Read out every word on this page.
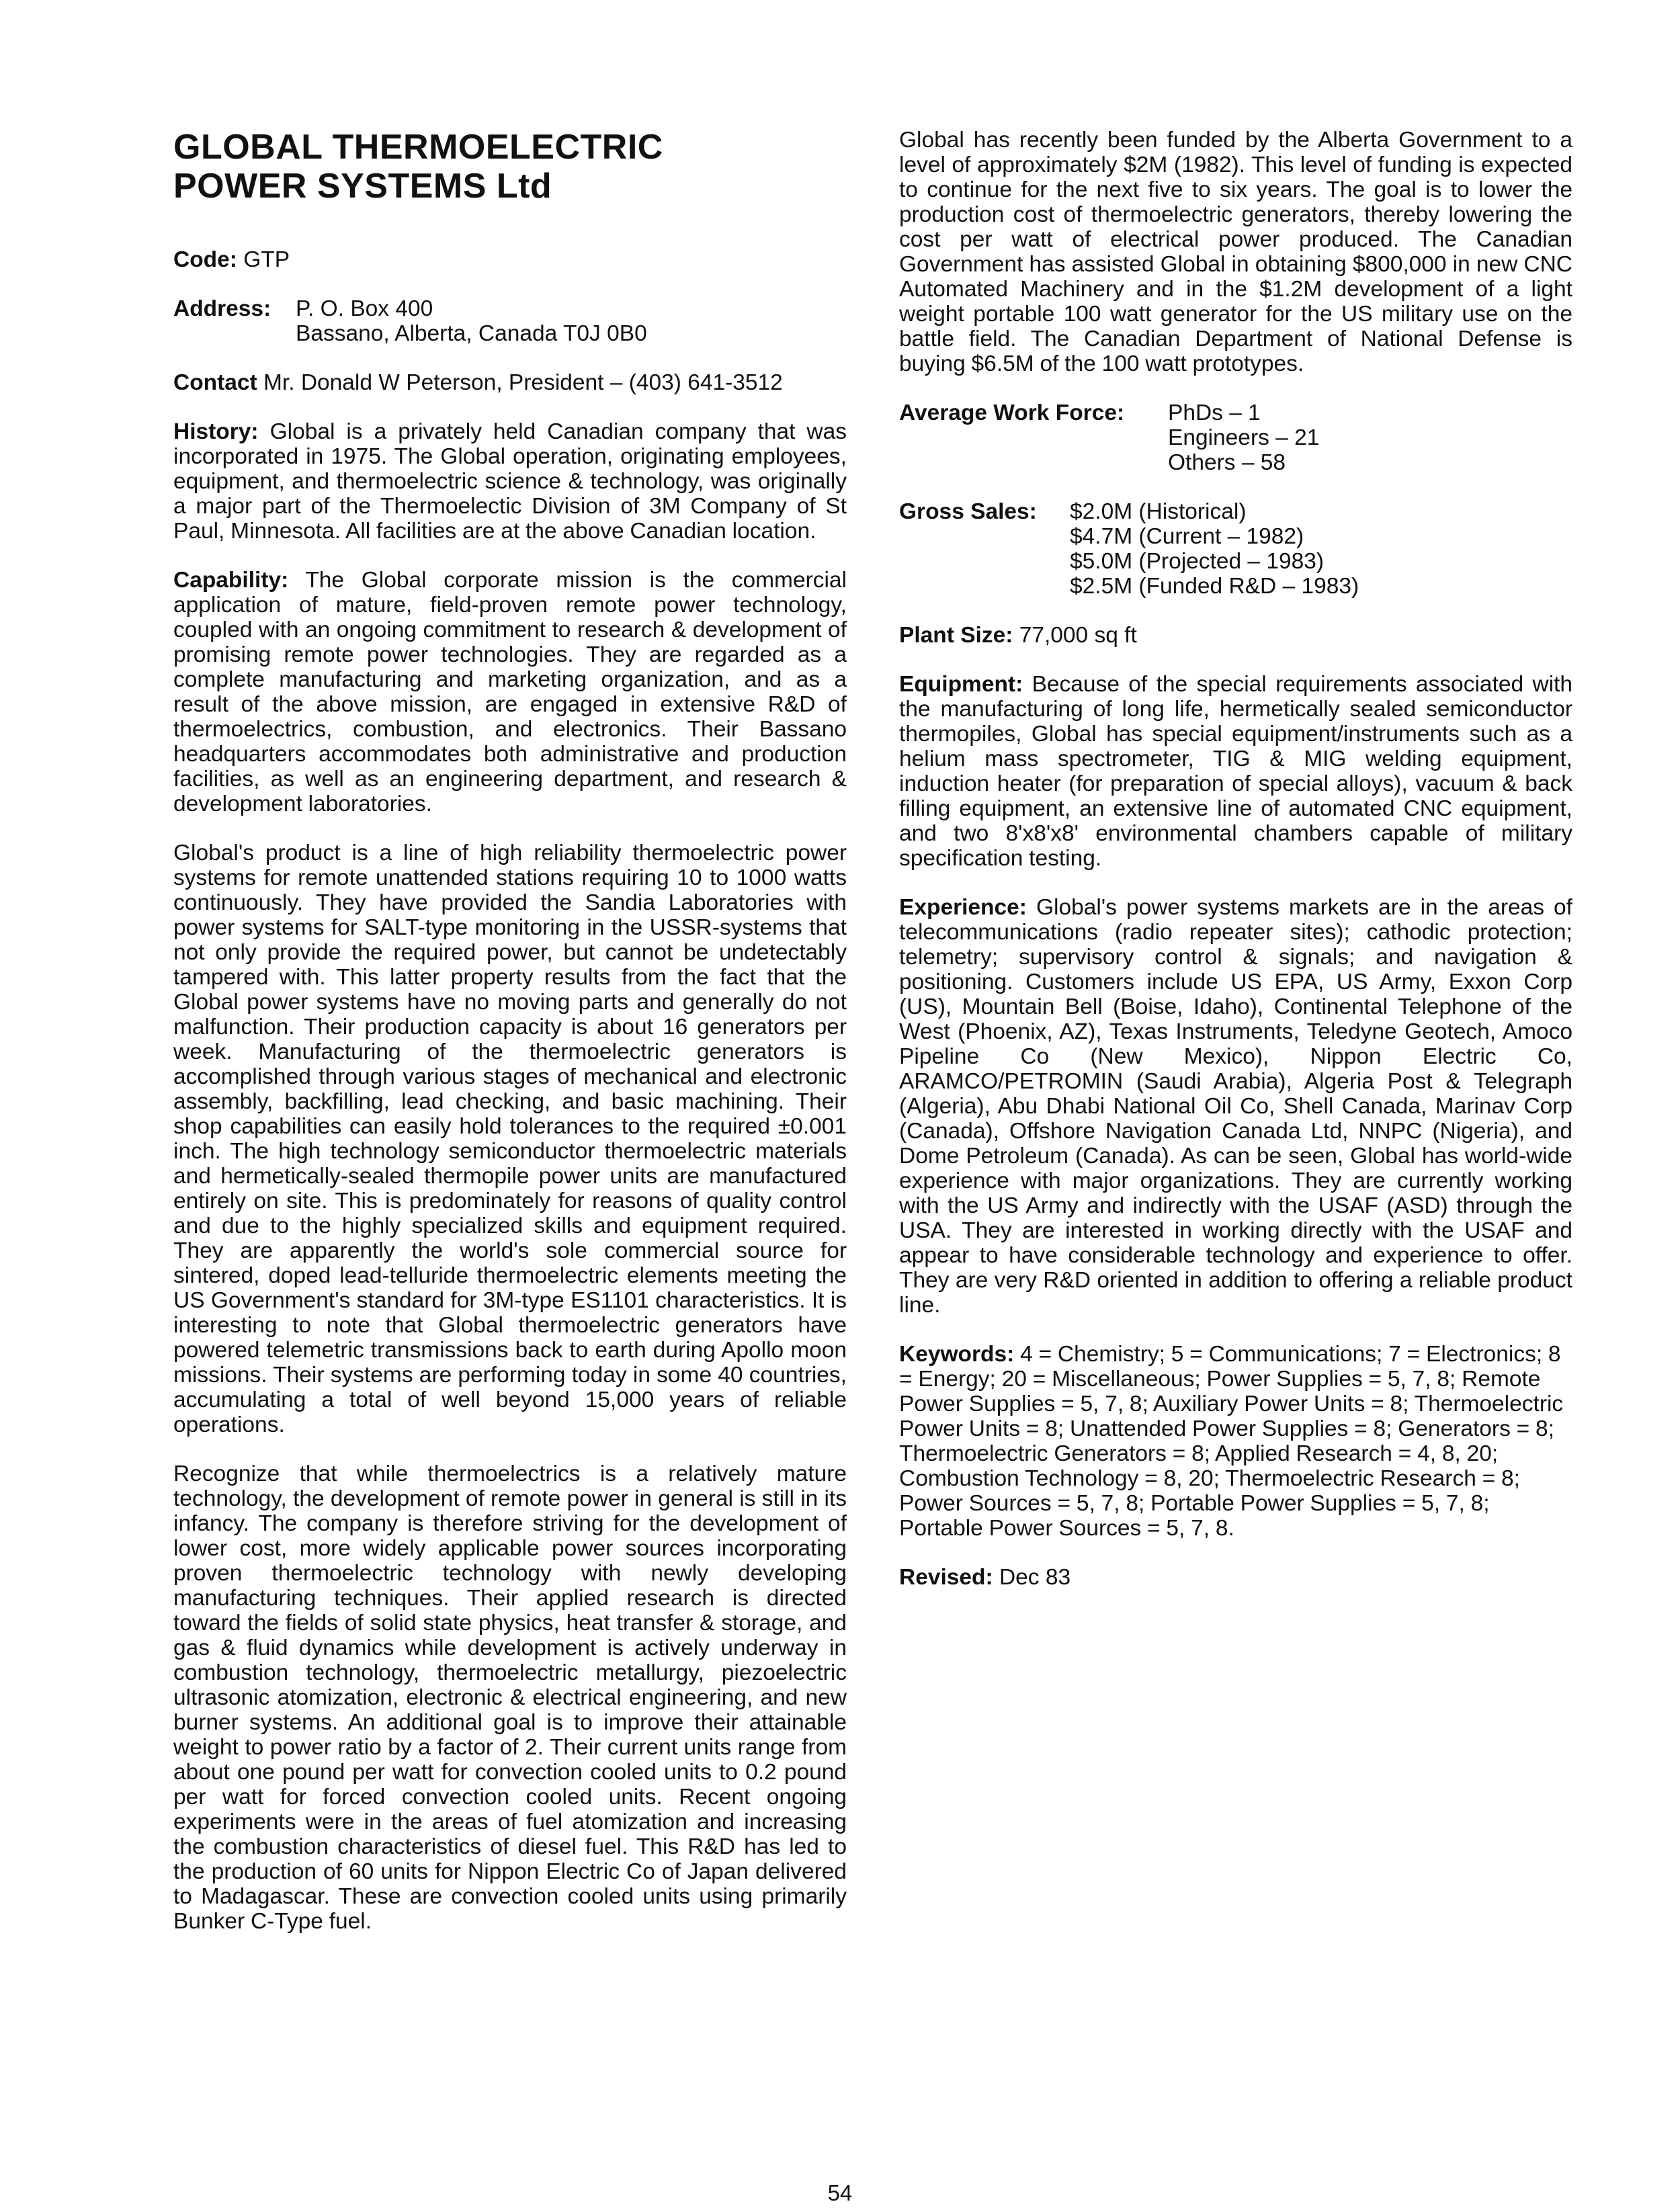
GLOBAL THERMOELECTRIC
POWER SYSTEMS Ltd
Code: GTP
Address:	P. O. Box 400
Bassano, Alberta, Canada T0J 0B0
Contact Mr. Donald W Peterson, President – (403) 641-3512

History: Global is a privately held Canadian company that was incorporated in 1975. The Global operation, originating employees, equipment, and thermoelectric science & technology, was originally a major part of the Thermoelectic Division of 3M Company of St Paul, Minnesota. All facilities are at the above Canadian location.

Capability: The Global corporate mission is the commercial application of mature, field-proven remote power technology, coupled with an ongoing commitment to research & development of promising remote power technologies. They are regarded as a complete manufacturing and marketing organization, and as a result of the above mission, are engaged in extensive R&D of thermoelectrics, combustion, and electronics. Their Bassano headquarters accommodates both administrative and production facilities, as well as an engineering department, and research & development laboratories.

Global's product is a line of high reliability thermoelectric power systems for remote unattended stations requiring 10 to 1000 watts continuously. They have provided the Sandia Laboratories with power systems for SALT-type monitoring in the USSR-systems that not only provide the required power, but cannot be undetectably tampered with. This latter property results from the fact that the Global power systems have no moving parts and generally do not malfunction. Their production capacity is about 16 generators per week. Manufacturing of the thermoelectric generators is accomplished through various stages of mechanical and electronic assembly, backfilling, lead checking, and basic machining. Their shop capabilities can easily hold tolerances to the required ±0.001 inch. The high technology semiconductor thermoelectric materials and hermetically-sealed thermopile power units are manufactured entirely on site. This is predominately for reasons of quality control and due to the highly specialized skills and equipment required. They are apparently the world's sole commercial source for sintered, doped lead-telluride thermoelectric elements meeting the US Government's standard for 3M-type ES1101 characteristics. It is interesting to note that Global thermoelectric generators have powered telemetric transmissions back to earth during Apollo moon missions. Their systems are performing today in some 40 countries, accumulating a total of well beyond 15,000 years of reliable operations.

Recognize that while thermoelectrics is a relatively mature technology, the development of remote power in general is still in its infancy. The company is therefore striving for the development of lower cost, more widely applicable power sources incorporating proven thermoelectric technology with newly developing manufacturing techniques. Their applied research is directed toward the fields of solid state physics, heat transfer & storage, and gas & fluid dynamics while development is actively underway in combustion technology, thermoelectric metallurgy, piezoelectric ultrasonic atomization, electronic & electrical engineering, and new burner systems. An additional goal is to improve their attainable weight to power ratio by a factor of 2. Their current units range from about one pound per watt for convection cooled units to 0.2 pound per watt for forced convection cooled units. Recent ongoing experiments were in the areas of fuel atomization and increasing the combustion characteristics of diesel fuel. This R&D has led to the production of 60 units for Nippon Electric Co of Japan delivered to Madagascar. These are convection cooled units using primarily Bunker C-Type fuel.

Global has recently been funded by the Alberta Government to a level of approximately $2M (1982). This level of funding is expected to continue for the next five to six years. The goal is to lower the production cost of thermoelectric generators, thereby lowering the cost per watt of electrical power produced. The Canadian Government has assisted Global in obtaining $800,000 in new CNC Automated Machinery and in the $1.2M development of a light weight portable 100 watt generator for the US military use on the battle field. The Canadian Department of National Defense is buying $6.5M of the 100 watt prototypes.

Average Work Force:	PhDs – 1
Engineers – 21
Others – 58
Gross Sales:	$2.0M (Historical)
$4.7M (Current – 1982)
$5.0M (Projected – 1983)
$2.5M (Funded R&D – 1983)
Plant Size: 77,000 sq ft

Equipment: Because of the special requirements associated with the manufacturing of long life, hermetically sealed semiconductor thermopiles, Global has special equipment/instruments such as a helium mass spectrometer, TIG & MIG welding equipment, induction heater (for preparation of special alloys), vacuum & back filling equipment, an extensive line of automated CNC equipment, and two 8'x8'x8' environmental chambers capable of military specification testing.

Experience: Global's power systems markets are in the areas of telecommunications (radio repeater sites); cathodic protection; telemetry; supervisory control & signals; and navigation & positioning. Customers include US EPA, US Army, Exxon Corp (US), Mountain Bell (Boise, Idaho), Continental Telephone of the West (Phoenix, AZ), Texas Instruments, Teledyne Geotech, Amoco Pipeline Co (New Mexico), Nippon Electric Co, ARAMCO/PETROMIN (Saudi Arabia), Algeria Post & Telegraph (Algeria), Abu Dhabi National Oil Co, Shell Canada, Marinav Corp (Canada), Offshore Navigation Canada Ltd, NNPC (Nigeria), and Dome Petroleum (Canada). As can be seen, Global has world-wide experience with major organizations. They are currently working with the US Army and indirectly with the USAF (ASD) through the USA. They are interested in working directly with the USAF and appear to have considerable technology and experience to offer. They are very R&D oriented in addition to offering a reliable product line.

Keywords: 4 = Chemistry; 5 = Communications; 7 = Electronics; 8 = Energy; 20 = Miscellaneous; Power Supplies = 5, 7, 8; Remote Power Supplies = 5, 7, 8; Auxiliary Power Units = 8; Thermoelectric Power Units = 8; Unattended Power Supplies = 8; Generators = 8; Thermoelectric Generators = 8; Applied Research = 4, 8, 20; Combustion Technology = 8, 20; Thermoelectric Research = 8; Power Sources = 5, 7, 8; Portable Power Supplies = 5, 7, 8; Portable Power Sources = 5, 7, 8.

Revised: Dec 83
54
